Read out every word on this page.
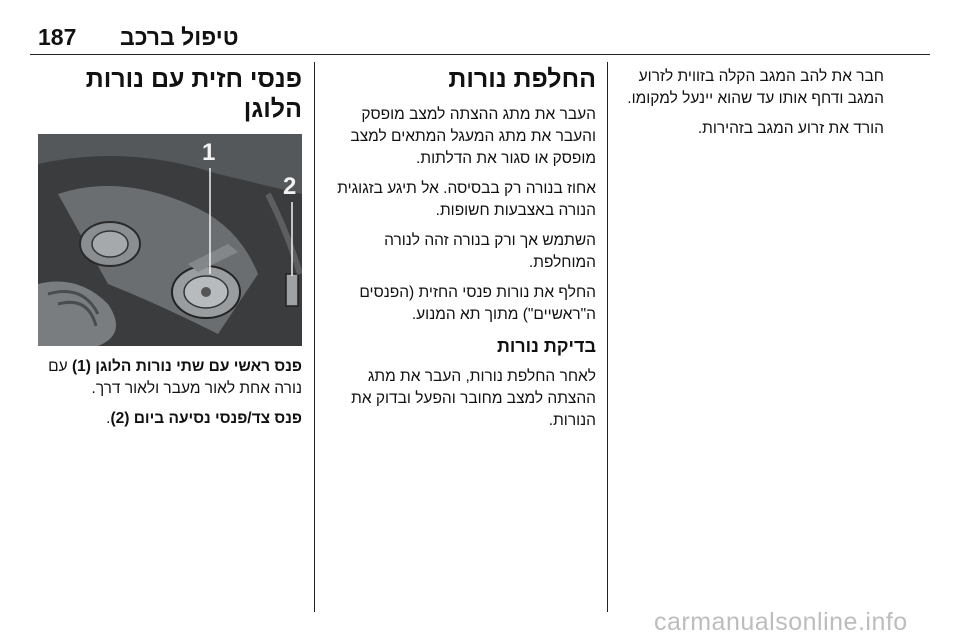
187 טיפול ברכב

חבר את להב המגב הקלה בזווית לזרוע המגב ודחף אותו עד שהוא יינעל למקומו.

הורד את זרוע המגב בזהירות.

החלפת נורות

העבר את מתג ההצתה למצב מופסק והעבר את מתג המעגל המתאים למצב מופסק או סגור את הדלתות.

אחוז בנורה רק בבסיסה. אל תיגע בזגוגית הנורה באצבעות חשופות.

השתמש אך ורק בנורה זהה לנורה המוחלפת.

החלף את נורות פנסי החזית (הפנסים ה"ראשיים") מתוך תא המנוע.

בדיקת נורות

לאחר החלפת נורות, העבר את מתג ההצתה למצב מחובר והפעל ובדוק את הנורות.

פנסי חזית עם נורות הלוגן
1
2

פנס ראשי עם שתי נורות הלוגן (1) עם נורה אחת לאור מעבר ולאור דרך.

פנס צד/פנסי נסיעה ביום (2).

carmanualsonline.info
